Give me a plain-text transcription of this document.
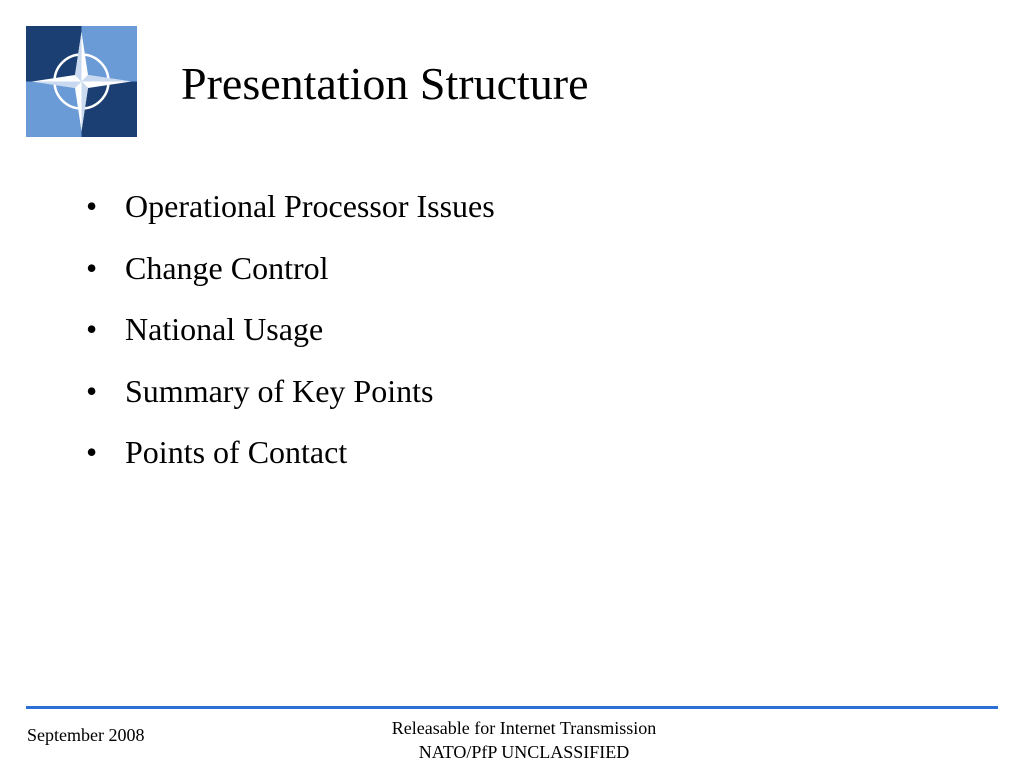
Presentation Structure
• Operational Processor Issues
• Change Control
• National Usage
• Summary of Key Points
• Points of Contact
September 2008	Releasable for Internet Transmission
NATO/PfP UNCLASSIFIED
